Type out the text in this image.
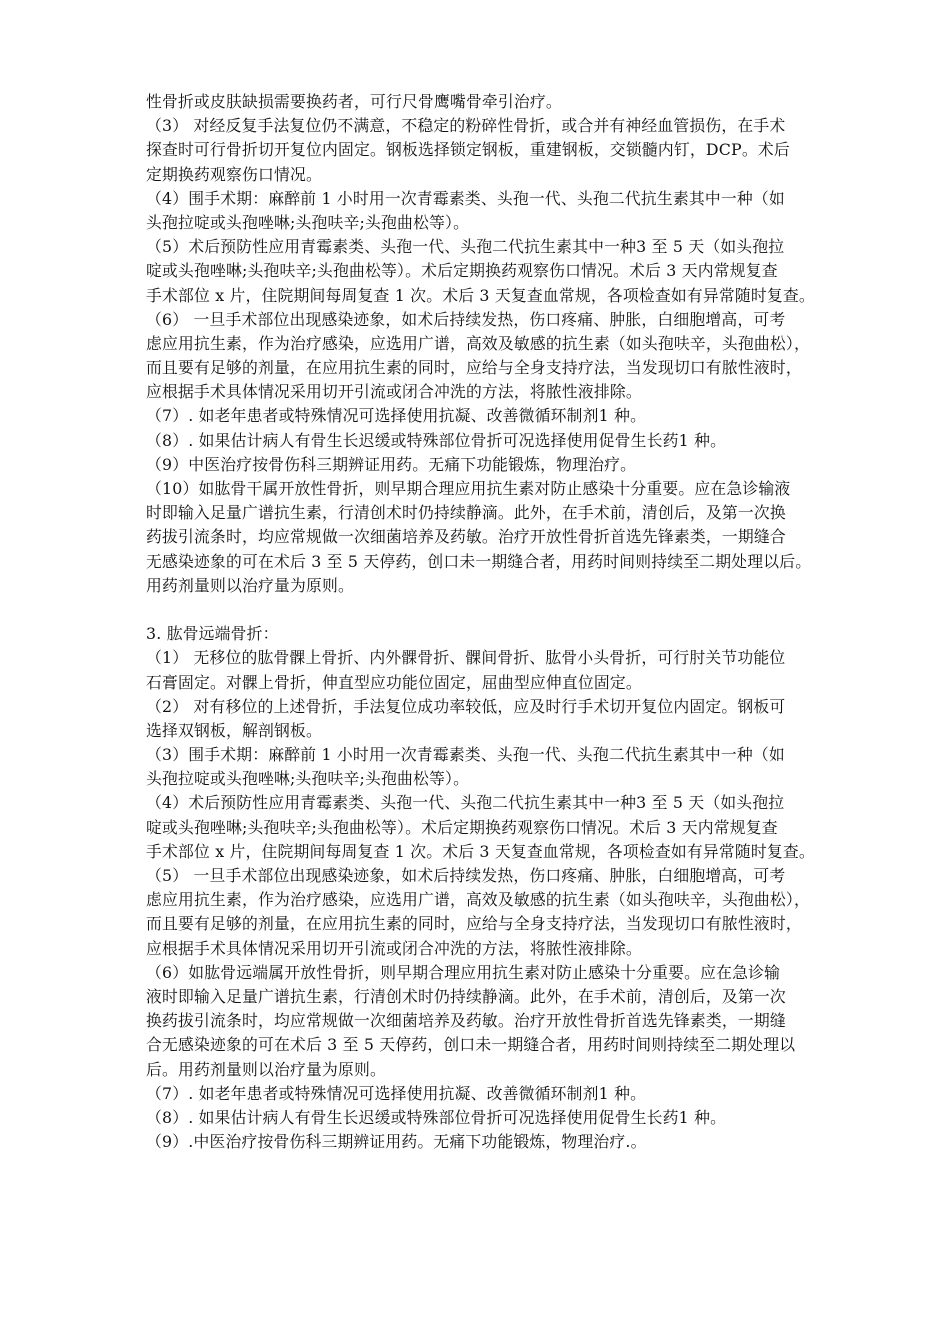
性骨折或皮肤缺损需要换药者，可行尺骨鹰嘴骨牵引治疗。
（3） 对经反复手法复位仍不满意，不稳定的粉碎性骨折，或合并有神经血管损伤，在手术
探查时可行骨折切开复位内固定。钢板选择锁定钢板，重建钢板，交锁髓内钉，DCP。术后
定期换药观察伤口情况。
（4）围手术期：麻醉前 1 小时用一次青霉素类、头孢一代、头孢二代抗生素其中一种（如
头孢拉啶或头孢唑啉;头孢呋辛;头孢曲松等）。
（5）术后预防性应用青霉素类、头孢一代、头孢二代抗生素其中一种3 至 5 天（如头孢拉
啶或头孢唑啉;头孢呋辛;头孢曲松等）。术后定期换药观察伤口情况。术后 3 天内常规复查
手术部位 x 片，住院期间每周复查 1 次。术后 3 天复查血常规，各项检查如有异常随时复查。
（6） 一旦手术部位出现感染迹象，如术后持续发热，伤口疼痛、肿胀，白细胞增高，可考
虑应用抗生素，作为治疗感染，应选用广谱，高效及敏感的抗生素（如头孢呋辛，头孢曲松），
而且要有足够的剂量，在应用抗生素的同时，应给与全身支持疗法，当发现切口有脓性液时，
应根据手术具体情况采用切开引流或闭合冲洗的方法，将脓性液排除。
（7）. 如老年患者或特殊情况可选择使用抗凝、改善微循环制剂1 种。
（8）. 如果估计病人有骨生长迟缓或特殊部位骨折可况选择使用促骨生长药1 种。
（9）中医治疗按骨伤科三期辨证用药。无痛下功能锻炼，物理治疗。
（10）如肱骨干属开放性骨折，则早期合理应用抗生素对防止感染十分重要。应在急诊输液
时即输入足量广谱抗生素，行清创术时仍持续静滴。此外，在手术前，清创后，及第一次换
药拔引流条时，均应常规做一次细菌培养及药敏。治疗开放性骨折首选先锋素类，一期缝合
无感染迹象的可在术后 3 至 5 天停药，创口未一期缝合者，用药时间则持续至二期处理以后。
用药剂量则以治疗量为原则。
3. 肱骨远端骨折：
（1） 无移位的肱骨髁上骨折、内外髁骨折、髁间骨折、肱骨小头骨折，可行肘关节功能位
石膏固定。对髁上骨折，伸直型应功能位固定，屈曲型应伸直位固定。
（2） 对有移位的上述骨折，手法复位成功率较低，应及时行手术切开复位内固定。钢板可
选择双钢板，解剖钢板。
（3）围手术期：麻醉前 1 小时用一次青霉素类、头孢一代、头孢二代抗生素其中一种（如
头孢拉啶或头孢唑啉;头孢呋辛;头孢曲松等）。
（4）术后预防性应用青霉素类、头孢一代、头孢二代抗生素其中一种3 至 5 天（如头孢拉
啶或头孢唑啉;头孢呋辛;头孢曲松等）。术后定期换药观察伤口情况。术后 3 天内常规复查
手术部位 x 片，住院期间每周复查 1 次。术后 3 天复查血常规，各项检查如有异常随时复查。
（5） 一旦手术部位出现感染迹象，如术后持续发热，伤口疼痛、肿胀，白细胞增高，可考
虑应用抗生素，作为治疗感染，应选用广谱，高效及敏感的抗生素（如头孢呋辛，头孢曲松），
而且要有足够的剂量，在应用抗生素的同时，应给与全身支持疗法，当发现切口有脓性液时，
应根据手术具体情况采用切开引流或闭合冲洗的方法，将脓性液排除。
（6）如肱骨远端属开放性骨折，则早期合理应用抗生素对防止感染十分重要。应在急诊输
液时即输入足量广谱抗生素，行清创术时仍持续静滴。此外，在手术前，清创后，及第一次
换药拔引流条时，均应常规做一次细菌培养及药敏。治疗开放性骨折首选先锋素类，一期缝
合无感染迹象的可在术后 3 至 5 天停药，创口未一期缝合者，用药时间则持续至二期处理以
后。用药剂量则以治疗量为原则。
（7）. 如老年患者或特殊情况可选择使用抗凝、改善微循环制剂1 种。
（8）. 如果估计病人有骨生长迟缓或特殊部位骨折可况选择使用促骨生长药1 种。
（9）.中医治疗按骨伤科三期辨证用药。无痛下功能锻炼，物理治疗.。
